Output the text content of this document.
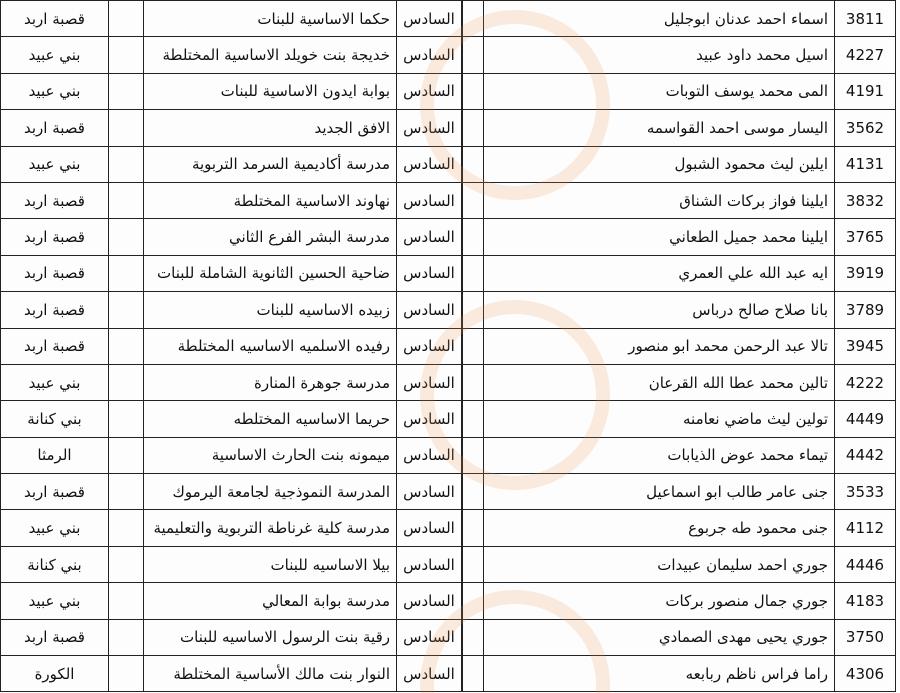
قصبة اربد		حكما الاساسية للبنات	السادس		اسماء احمد عدنان ابوجليل	3811
بني عبيد		خديجة بنت خويلد الاساسية المختلطة	السادس		اسيل محمد داود عبيد	4227
بني عبيد		بوابة ايدون الاساسية للبنات	السادس		المى محمد يوسف التوبات	4191
قصبة اربد		الافق الجديد	السادس		اليسار موسى احمد القواسمه	3562
بني عبيد		مدرسة أكاديمية السرمد التربوية	السادس		ايلين ليث محمود الشبول	4131
قصبة اربد		نهاوند الاساسية المختلطة	السادس		ايلينا فواز بركات الشناق	3832
قصبة اربد		مدرسة البشر الفرع الثاني	السادس		ايلينا محمد جميل الطعاني	3765
قصبة اربد		ضاحية الحسين الثانوية الشاملة للبنات	السادس		ايه عبد الله علي العمري	3919
قصبة اربد		زبيده الاساسيه للبنات	السادس		بانا صلاح صالح درباس	3789
قصبة اربد		رفيده الاسلميه الاساسيه المختلطة	السادس		تالا عبد الرحمن محمد ابو منصور	3945
بني عبيد		مدرسة جوهرة المنارة	السادس		تالين محمد عطا الله القرعان	4222
بني كنانة		حريما الاساسيه المختلطه	السادس		تولين ليث ماضي نعامنه	4449
الرمثا		ميمونه بنت الحارث الاساسية	السادس		تيماء محمد عوض الذيابات	4442
قصبة اربد		المدرسة النموذجية لجامعة اليرموك	السادس		جنى عامر طالب ابو اسماعيل	3533
بني عبيد		مدرسة كلية غرناطة التربوية والتعليمية	السادس		جنى محمود طه جربوع	4112
بني كنانة		بيلا الاساسيه للبنات	السادس		جوري احمد سليمان عبيدات	4446
بني عبيد		مدرسة بوابة المعالي	السادس		جوري جمال منصور بركات	4183
قصبة اربد		رقية بنت الرسول الاساسيه للبنات	السادس		جوري يحيى مهدى الصمادي	3750
الكورة		النوار بنت مالك الأساسية المختلطة	السادس		راما فراس ناظم ربابعه	4306
